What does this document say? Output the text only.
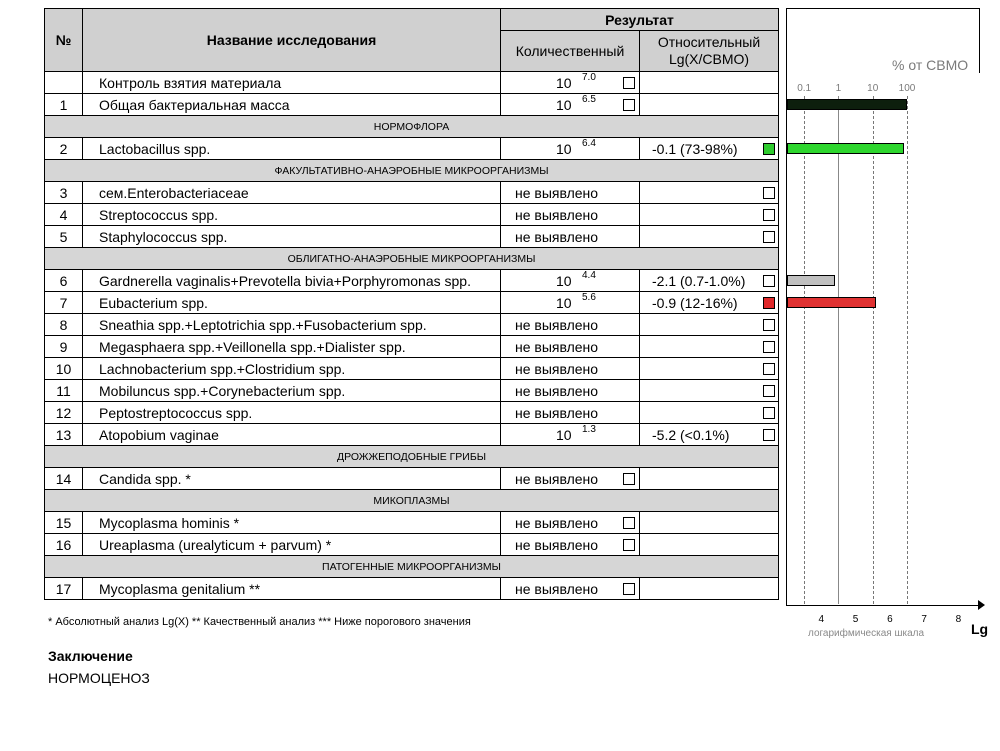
№	Название исследования	Результат	
		Количественный	Относительный Lg(X/СВМО)
	Контроль взятия материала	10 7.0	

1	Общая бактериальная масса	10 6.5	

НОРМОФЛОРА			
2	Lactobacillus spp.	10 6.4	-0.1 (73-98%)

ФАКУЛЬТАТИВНО-АНАЭРОБНЫЕ МИКРООРГАНИЗМЫ			
3	сем.Enterobacteriaceae	не выявлено	

4	Streptococcus spp.	не выявлено	

5	Staphylococcus spp.	не выявлено	

ОБЛИГАТНО-АНАЭРОБНЫЕ МИКРООРГАНИЗМЫ			
6	Gardnerella vaginalis+Prevotella bivia+Porphyromonas spp.	10 4.4	-2.1 (0.7-1.0%)

7	Eubacterium spp.	10 5.6	-0.9 (12-16%)

8	Sneathia spp.+Leptotrichia spp.+Fusobacterium spp.	не выявлено	

9	Megasphaera spp.+Veillonella spp.+Dialister spp.	не выявлено	

10	Lachnobacterium spp.+Clostridium spp.	не выявлено	

11	Mobiluncus spp.+Corynebacterium spp.	не выявлено	

12	Peptostreptococcus spp.	не выявлено	

13	Atopobium vaginae	10 1.3	-5.2 (<0.1%)

ДРОЖЖЕПОДОБНЫЕ ГРИБЫ			
14	Candida spp. *	не выявлено	

МИКОПЛАЗМЫ			
15	Mycoplasma hominis *	не выявлено	

16	Ureaplasma (urealyticum + parvum) *	не выявлено	

ПАТОГЕННЫЕ МИКРООРГАНИЗМЫ			
17	Mycoplasma genitalium **	не выявлено	

% от СВМО
0.1 1	10 100
4	5	6	7	8
логарифмическая шкала	Lg
* Абсолютный анализ Lg(X) ** Качественный анализ *** Ниже порогового значения
Заключение
НОРМОЦЕНОЗ
